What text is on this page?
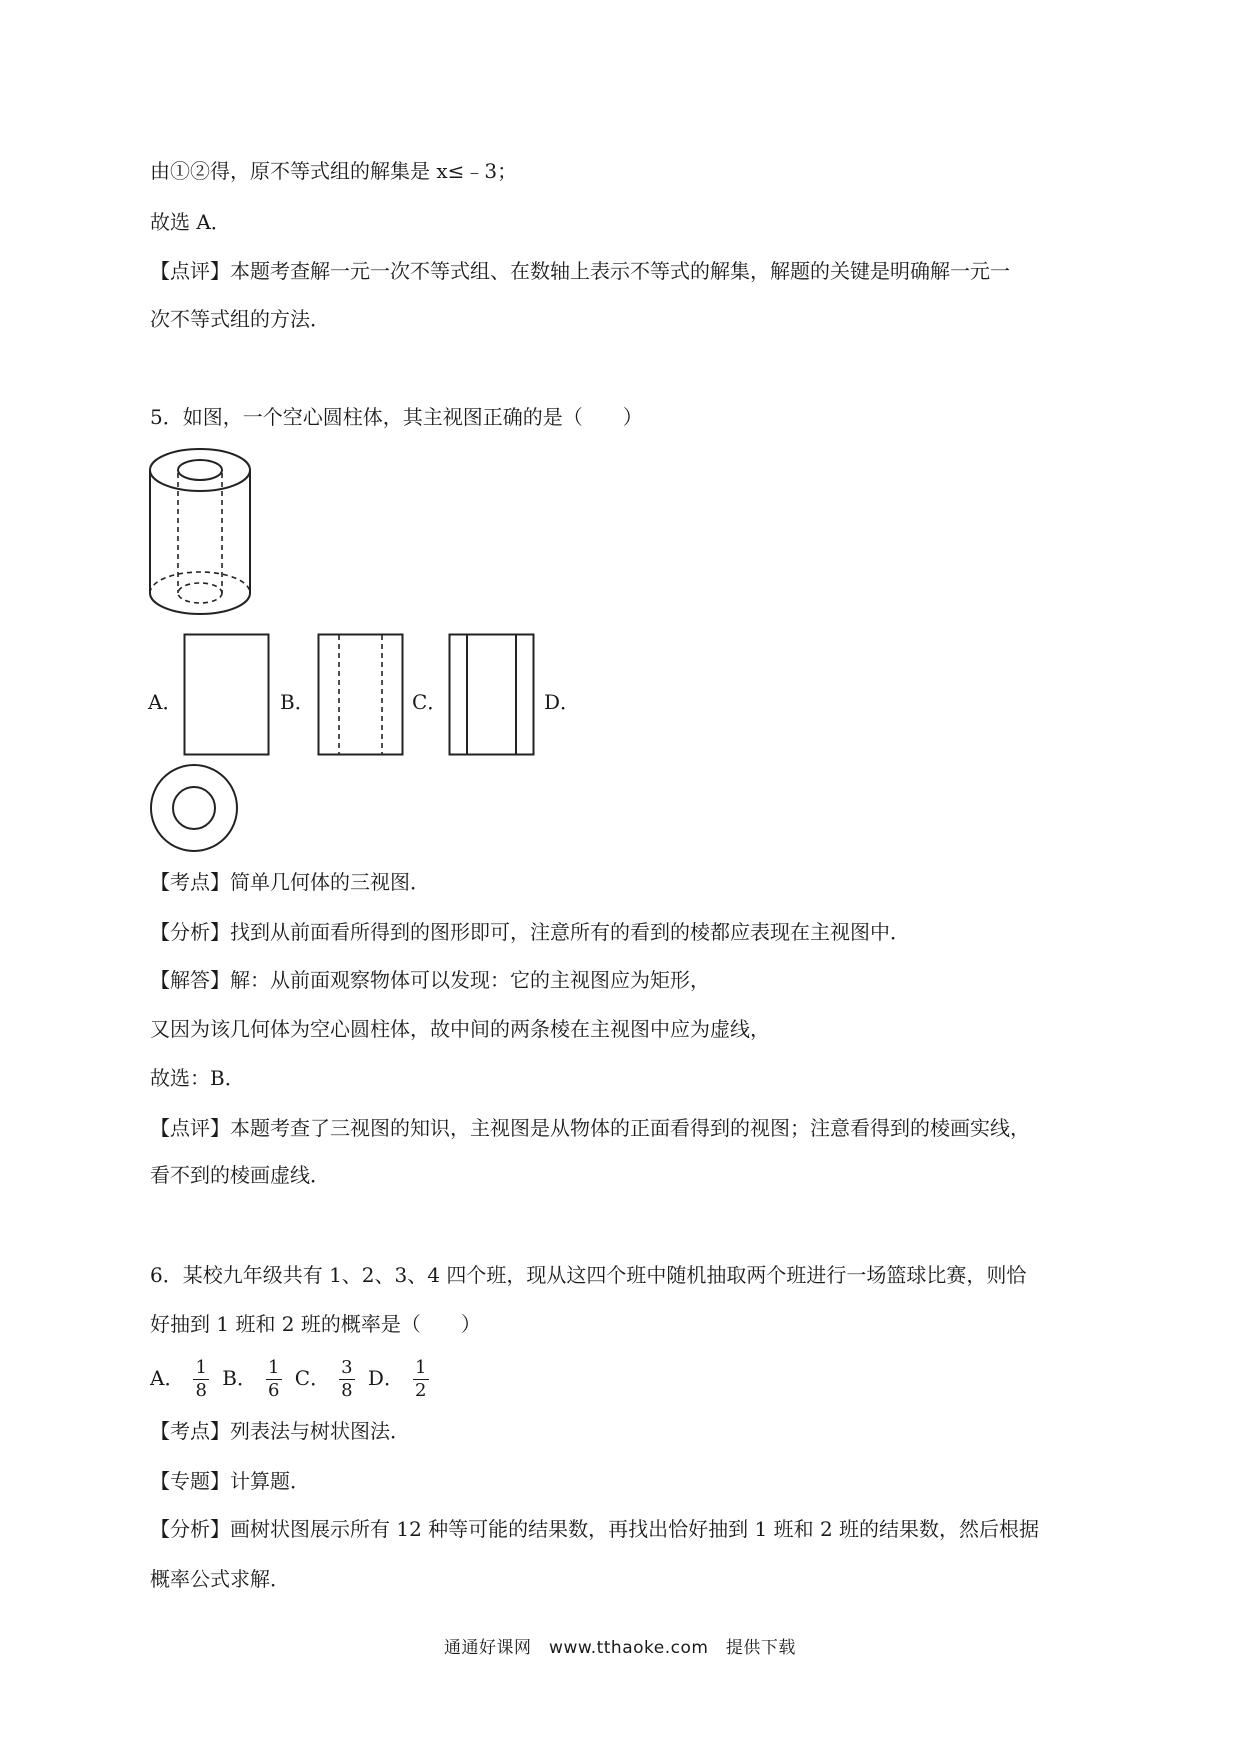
由①②得，原不等式组的解集是 x≤﹣3；
故选 A．
【点评】本题考查解一元一次不等式组、在数轴上表示不等式的解集，解题的关键是明确解一元一
次不等式组的方法．
5．如图，一个空心圆柱体，其主视图正确的是（　　）
A．	B．	C．	D．
【考点】简单几何体的三视图．
【分析】找到从前面看所得到的图形即可，注意所有的看到的棱都应表现在主视图中．
【解答】解：从前面观察物体可以发现：它的主视图应为矩形，
又因为该几何体为空心圆柱体，故中间的两条棱在主视图中应为虚线，
故选：B．
【点评】本题考查了三视图的知识，主视图是从物体的正面看得到的视图；注意看得到的棱画实线，
看不到的棱画虚线．
6．某校九年级共有 1、2、3、4 四个班，现从这四个班中随机抽取两个班进行一场篮球比赛，则恰
好抽到 1 班和 2 班的概率是（　　）
A． $\frac{1}{8}$ B． $\frac{1}{6}$ C． $\frac{3}{8}$ D． $\frac{1}{2}$
【考点】列表法与树状图法．
【专题】计算题．
【分析】画树状图展示所有 12 种等可能的结果数，再找出恰好抽到 1 班和 2 班的结果数，然后根据
概率公式求解．
通通好课网　www.tthaoke.com　提供下载
